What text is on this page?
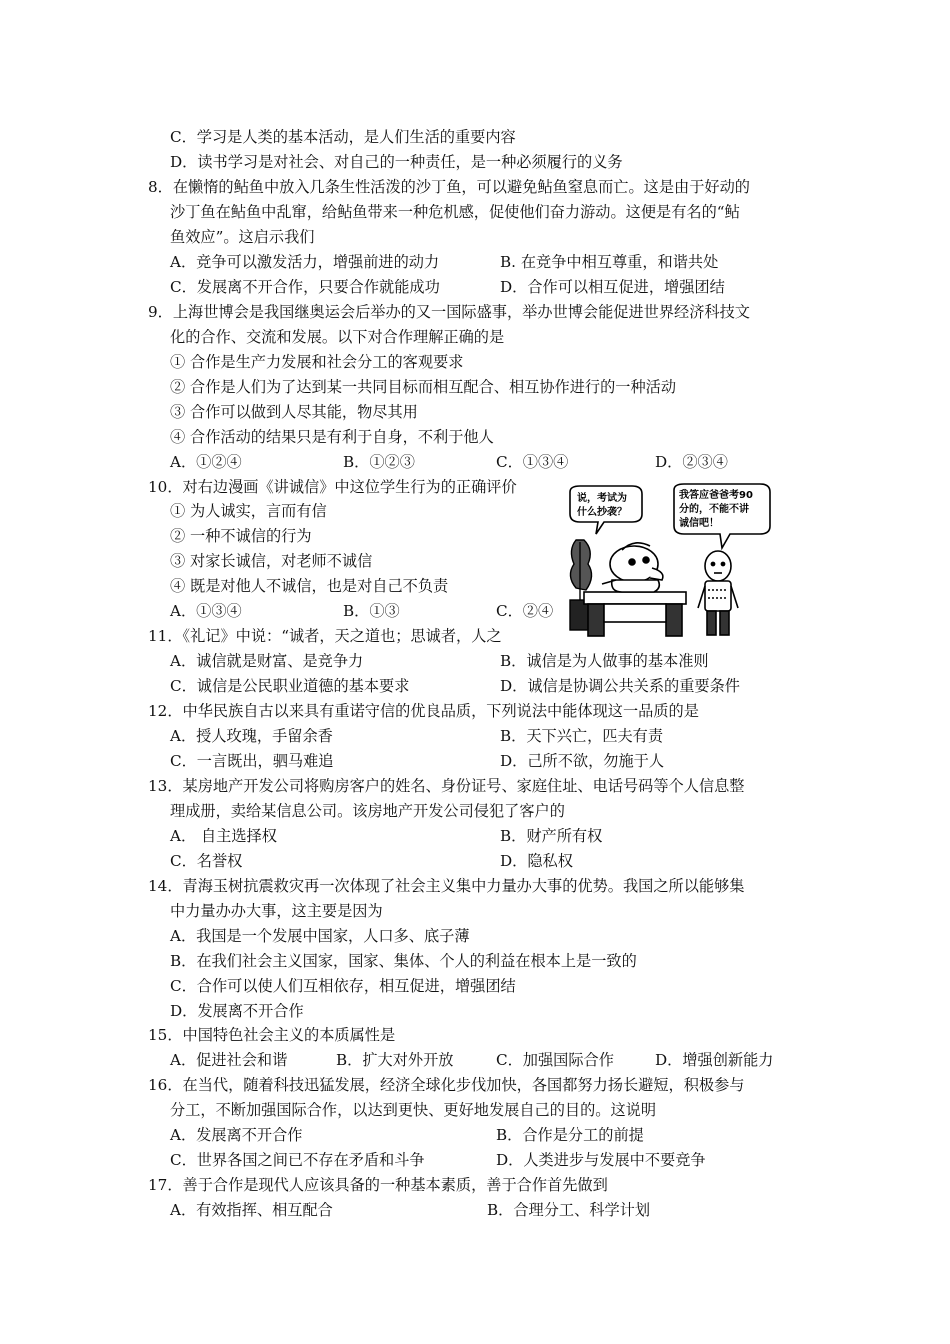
C．学习是人类的基本活动，是人们生活的重要内容
D．读书学习是对社会、对自己的一种责任，是一种必须履行的义务
8．在懒惰的鲇鱼中放入几条生性活泼的沙丁鱼，可以避免鲇鱼窒息而亡。这是由于好动的
沙丁鱼在鲇鱼中乱窜，给鲇鱼带来一种危机感，促使他们奋力游动。这便是有名的“鲇
鱼效应”。这启示我们
A．竞争可以激发活力，增强前进的动力	B. 在竞争中相互尊重，和谐共处
C．发展离不开合作，只要合作就能成功	D．合作可以相互促进，增强团结
9．上海世博会是我国继奥运会后举办的又一国际盛事，举办世博会能促进世界经济科技文
化的合作、交流和发展。以下对合作理解正确的是
① 合作是生产力发展和社会分工的客观要求
② 合作是人们为了达到某一共同目标而相互配合、相互协作进行的一种活动
③ 合作可以做到人尽其能，物尽其用
④ 合作活动的结果只是有利于自身，不利于他人
A．①②④	B．①②③	C．①③④	D．②③④
10．对右边漫画《讲诚信》中这位学生行为的正确评价
① 为人诚实，言而有信
② 一种不诚信的行为
③ 对家长诚信，对老师不诚信
④ 既是对他人不诚信，也是对自己不负责
A．①③④	B．①③	C．②④
11．《礼记》中说：“诚者，天之道也；思诚者，人之
A．诚信就是财富、是竞争力	B．诚信是为人做事的基本准则
C．诚信是公民职业道德的基本要求	D．诚信是协调公共关系的重要条件
12．中华民族自古以来具有重诺守信的优良品质，下列说法中能体现这一品质的是
A．授人玫瑰，手留余香	B．天下兴亡，匹夫有责
C．一言既出，驷马难追	D．己所不欲，勿施于人
13．某房地产开发公司将购房客户的姓名、身份证号、家庭住址、电话号码等个人信息整
理成册，卖给某信息公司。该房地产开发公司侵犯了客户的
A． 自主选择权	B．财产所有权
C．名誉权	D．隐私权
14．青海玉树抗震救灾再一次体现了社会主义集中力量办大事的优势。我国之所以能够集
中力量办办大事，这主要是因为
A．我国是一个发展中国家，人口多、底子薄
B．在我们社会主义国家，国家、集体、个人的利益在根本上是一致的
C．合作可以使人们互相依存，相互促进，增强团结
D．发展离不开合作
15．中国特色社会主义的本质属性是
A．促进社会和谐	B．扩大对外开放	C．加强国际合作	D．增强创新能力
16．在当代，随着科技迅猛发展，经济全球化步伐加快，各国都努力扬长避短，积极参与
分工，不断加强国际合作，以达到更快、更好地发展自己的目的。这说明
A．发展离不开合作	B．合作是分工的前提
C．世界各国之间已不存在矛盾和斗争	D．人类进步与发展中不要竞争
17．善于合作是现代人应该具备的一种基本素质，善于合作首先做到
A．有效指挥、相互配合	B．合理分工、科学计划
说，考试为
什么抄袭？
我答应爸爸考90
分的，不能不讲
诚信吧！
